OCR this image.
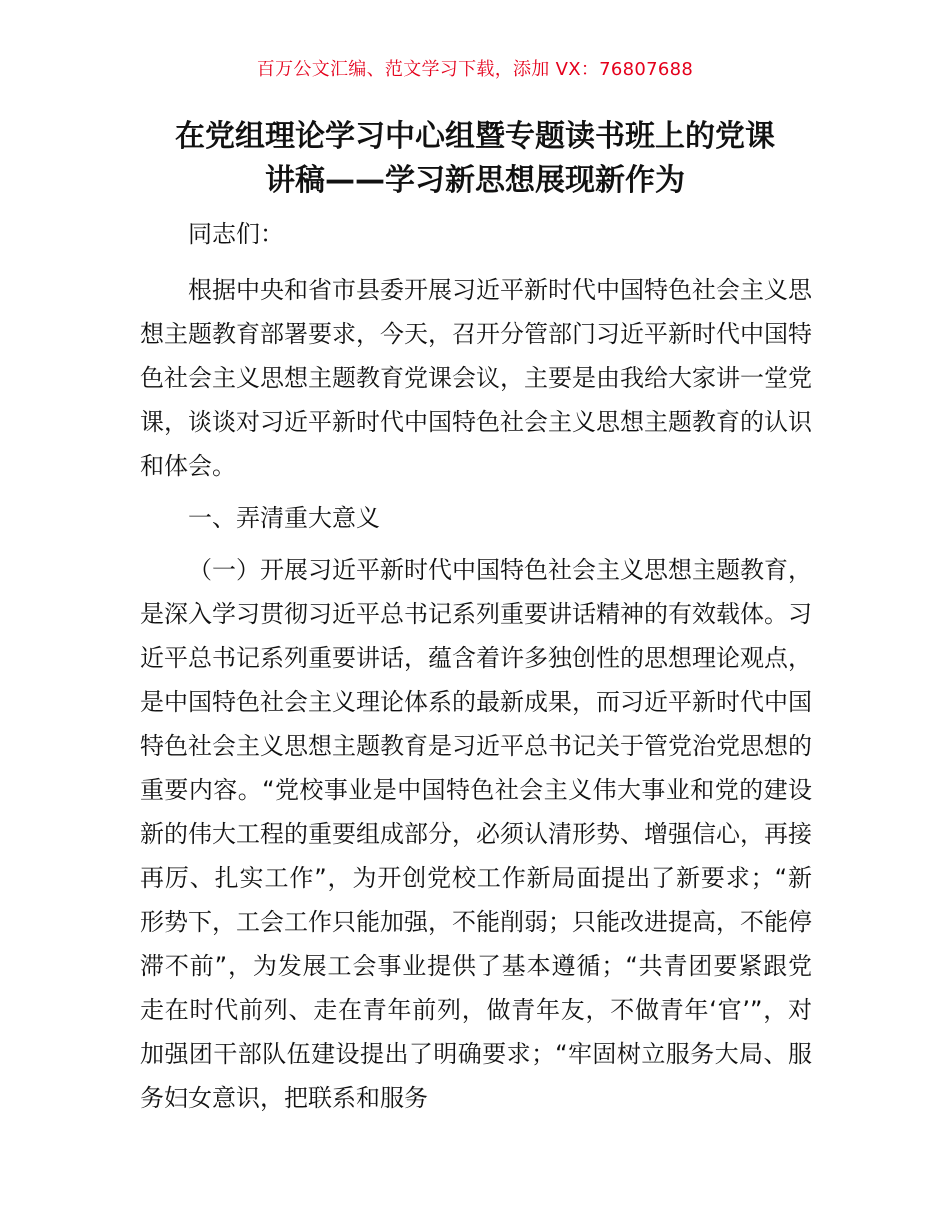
百万公文汇编、范文学习下载，添加 VX：76807688
在党组理论学习中心组暨专题读书班上的党课
讲稿——学习新思想展现新作为

同志们：

根据中央和省市县委开展习近平新时代中国特色社会主义思想主题教育部署要求，今天，召开分管部门习近平新时代中国特色社会主义思想主题教育党课会议，主要是由我给大家讲一堂党课，谈谈对习近平新时代中国特色社会主义思想主题教育的认识和体会。

一、弄清重大意义

（一）开展习近平新时代中国特色社会主义思想主题教育，是深入学习贯彻习近平总书记系列重要讲话精神的有效载体。习近平总书记系列重要讲话，蕴含着许多独创性的思想理论观点，是中国特色社会主义理论体系的最新成果，而习近平新时代中国特色社会主义思想主题教育是习近平总书记关于管党治党思想的重要内容。“党校事业是中国特色社会主义伟大事业和党的建设新的伟大工程的重要组成部分，必须认清形势、增强信心，再接再厉、扎实工作”，为开创党校工作新局面提出了新要求；“新形势下，工会工作只能加强，不能削弱；只能改进提高，不能停滞不前”，为发展工会事业提供了基本遵循；“共青团要紧跟党走在时代前列、走在青年前列，做青年友，不做青年‘官’”，对加强团干部队伍建设提出了明确要求；“牢固树立服务大局、服务妇女意识，把联系和服务
